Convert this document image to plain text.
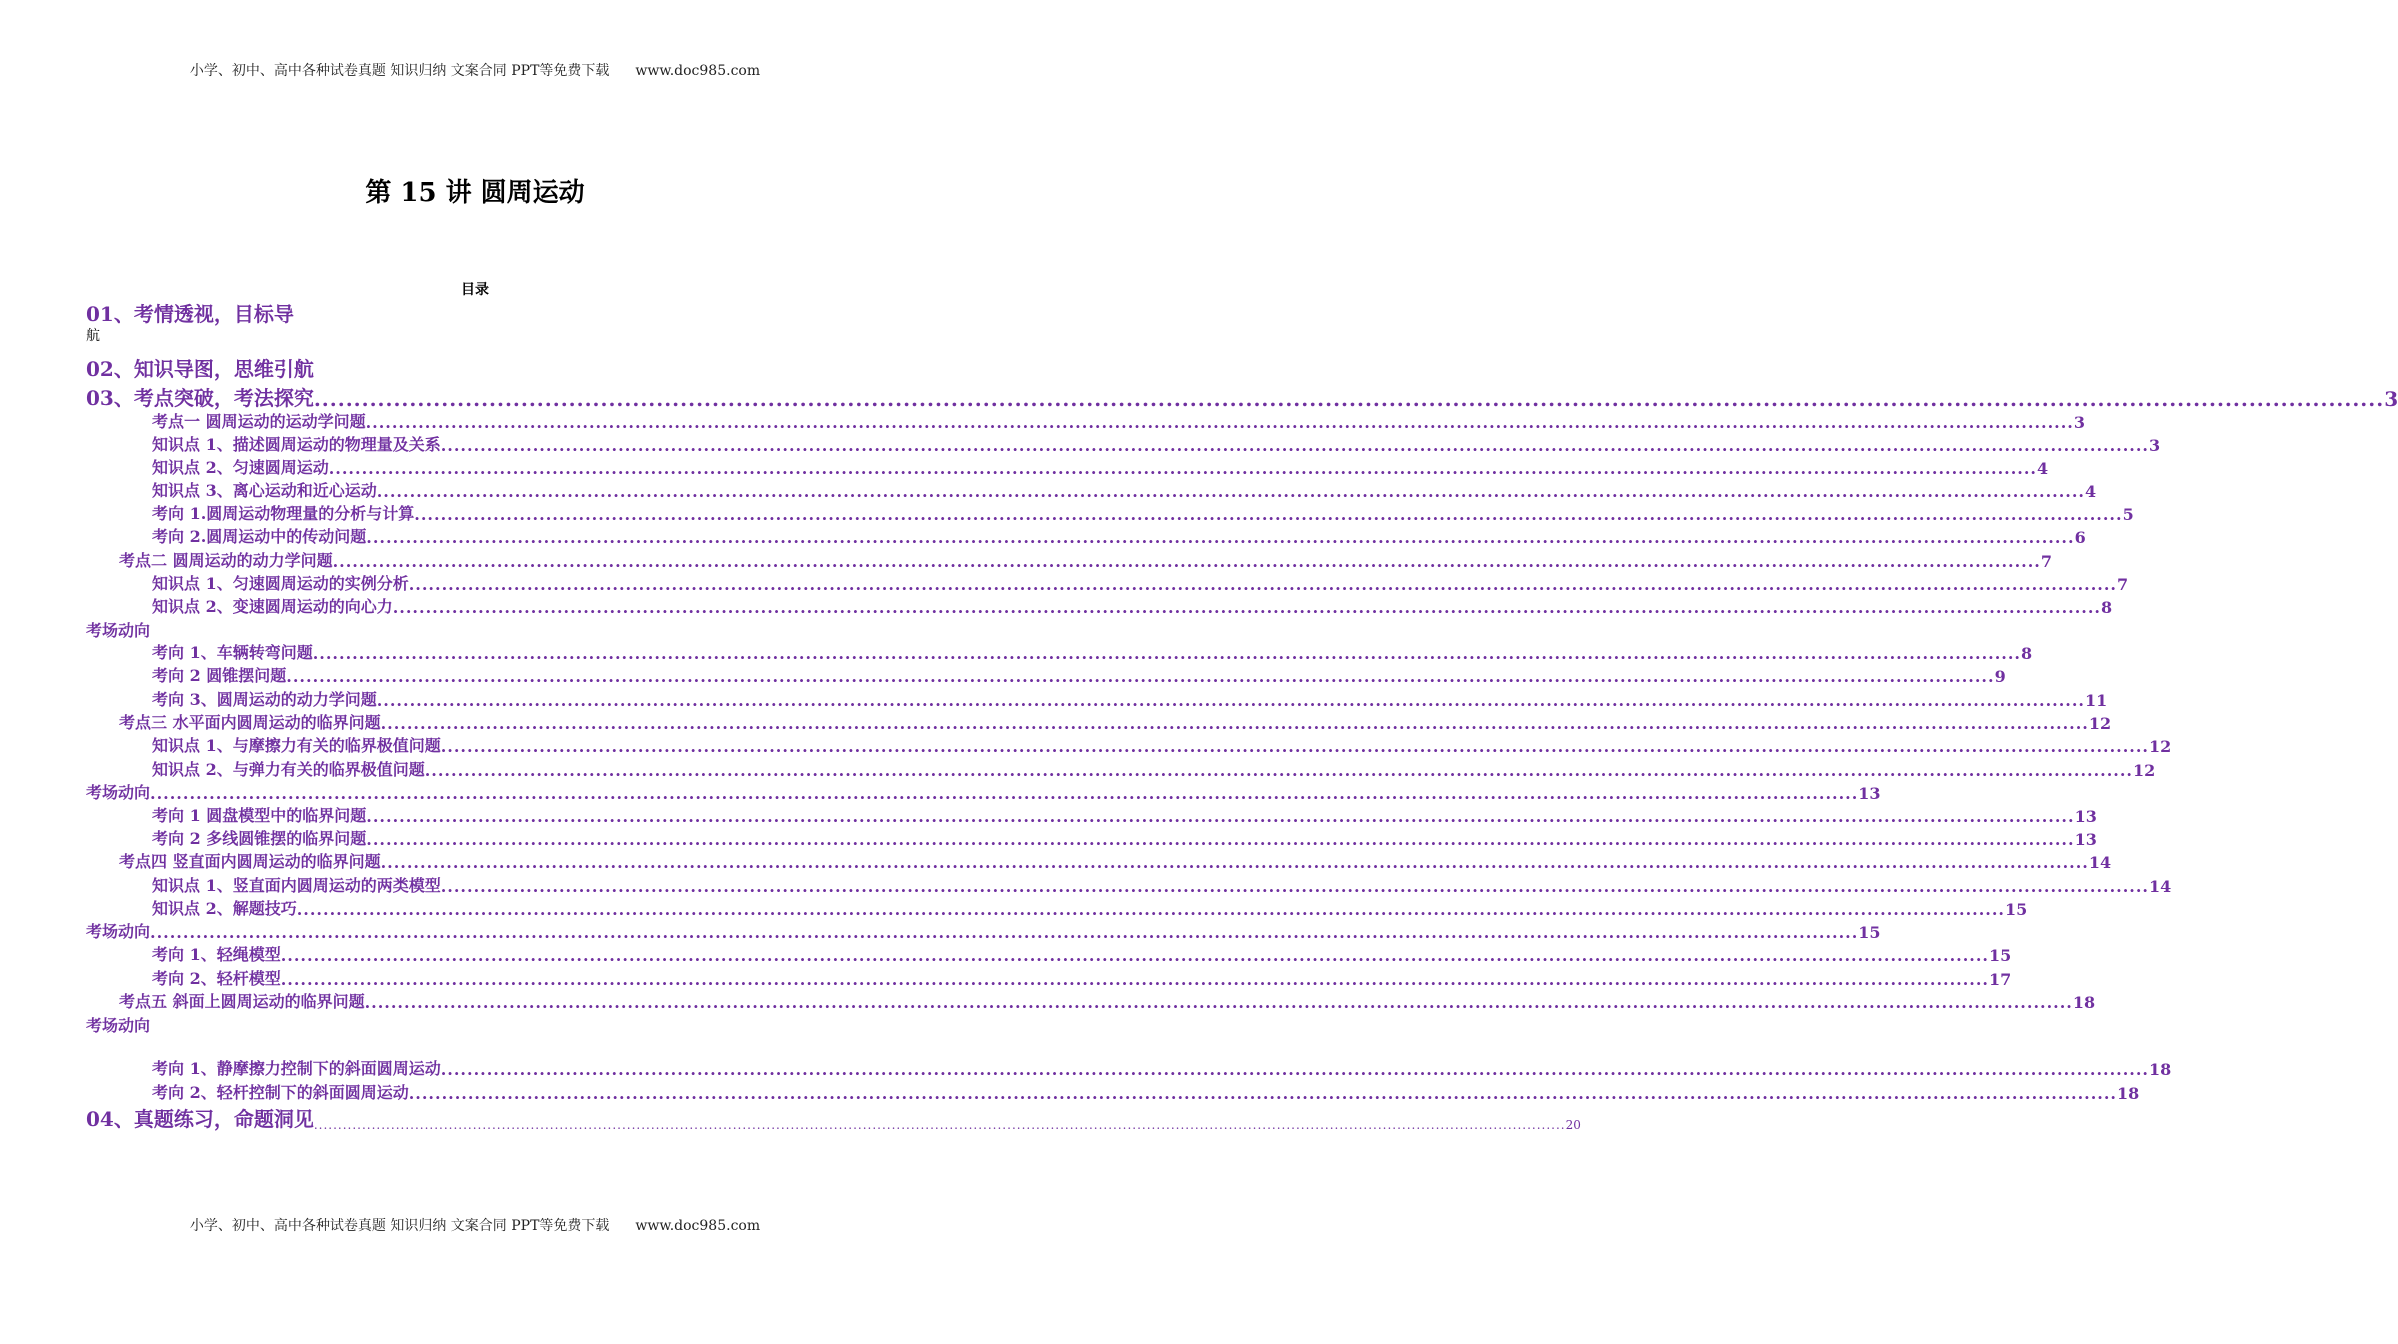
小学、初中、高中各种试卷真题 知识归纳 文案合同 PPT等免费下载 www.doc985.com
第 15 讲 圆周运动
目录
航
01、考情透视，目标导
02、知识导图，思维引航
03、考点突破，考法探究 .................................................................................................................................................................................................................................................................... 3
考点一 圆周运动的运动学问题 .................................................................................................................................................................................................................................................................... 3
知识点 1、描述圆周运动的物理量及关系 .................................................................................................................................................................................................................................................................... 3
知识点 2、匀速圆周运动 .................................................................................................................................................................................................................................................................... 4
知识点 3、离心运动和近心运动 .................................................................................................................................................................................................................................................................... 4
考向 1.圆周运动物理量的分析与计算 .................................................................................................................................................................................................................................................................... 5
考向 2.圆周运动中的传动问题 .................................................................................................................................................................................................................................................................... 6
考点二 圆周运动的动力学问题 .................................................................................................................................................................................................................................................................... 7
知识点 1、匀速圆周运动的实例分析 .................................................................................................................................................................................................................................................................... 7
知识点 2、变速圆周运动的向心力 .................................................................................................................................................................................................................................................................... 8
考场动向
考向 1、车辆转弯问题 .................................................................................................................................................................................................................................................................... 8
考向 2 圆锥摆问题 .................................................................................................................................................................................................................................................................... 9
考向 3、圆周运动的动力学问题 .................................................................................................................................................................................................................................................................... 11
考点三 水平面内圆周运动的临界问题 .................................................................................................................................................................................................................................................................... 12
知识点 1、与摩擦力有关的临界极值问题 .................................................................................................................................................................................................................................................................... 12
知识点 2、与弹力有关的临界极值问题 .................................................................................................................................................................................................................................................................... 12
考场动向 .................................................................................................................................................................................................................................................................... 13
考向 1 圆盘模型中的临界问题 .................................................................................................................................................................................................................................................................... 13
考向 2 多线圆锥摆的临界问题 .................................................................................................................................................................................................................................................................... 13
考点四 竖直面内圆周运动的临界问题 .................................................................................................................................................................................................................................................................... 14
知识点 1、竖直面内圆周运动的两类模型 .................................................................................................................................................................................................................................................................... 14
知识点 2、解题技巧 .................................................................................................................................................................................................................................................................... 15
考场动向 .................................................................................................................................................................................................................................................................... 15
考向 1、轻绳模型 .................................................................................................................................................................................................................................................................... 15
考向 2、轻杆模型 .................................................................................................................................................................................................................................................................... 17
考点五 斜面上圆周运动的临界问题 .................................................................................................................................................................................................................................................................... 18
考场动向
考向 1、静摩擦力控制下的斜面圆周运动 .................................................................................................................................................................................................................................................................... 18
考向 2、轻杆控制下的斜面圆周运动 .................................................................................................................................................................................................................................................................... 18
04、真题练习，命题洞见 .................................................................................................................................................................................................................................................................... 20
小学、初中、高中各种试卷真题 知识归纳 文案合同 PPT等免费下载 www.doc985.com
